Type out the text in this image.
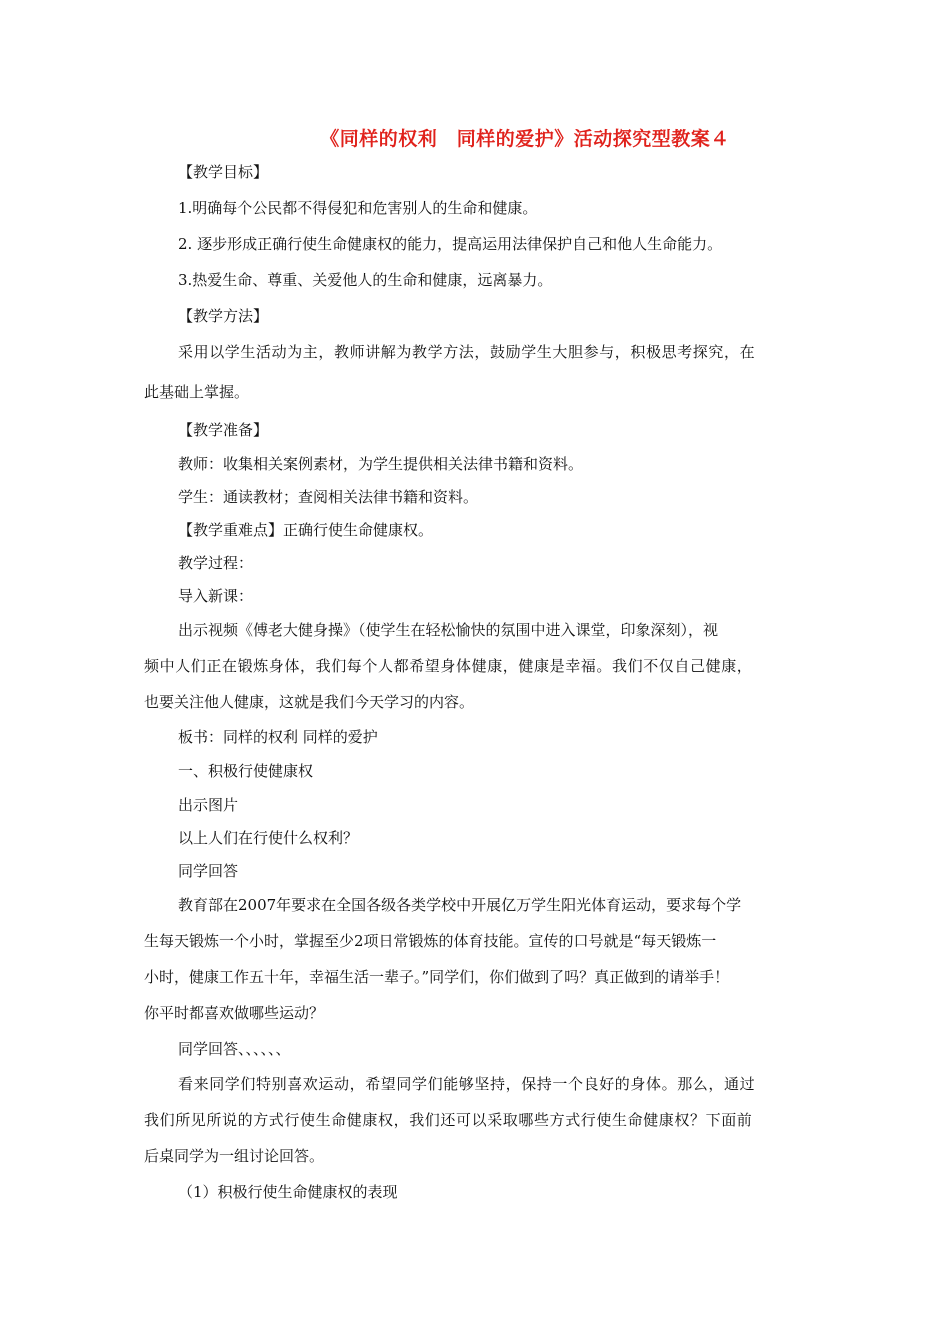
《同样的权利　同样的爱护》活动探究型教案４
【教学目标】
1.明确每个公民都不得侵犯和危害别人的生命和健康。
2. 逐步形成正确行使生命健康权的能力，提高运用法律保护自己和他人生命能力。
3.热爱生命、尊重、关爱他人的生命和健康，远离暴力。
【教学方法】
采用以学生活动为主，教师讲解为教学方法，鼓励学生大胆参与，积极思考探究，在
此基础上掌握。
【教学准备】
教师：收集相关案例素材，为学生提供相关法律书籍和资料。
学生：通读教材；查阅相关法律书籍和资料。
【教学重难点】正确行使生命健康权。
教学过程：
导入新课：
出示视频《傅老大健身操》（使学生在轻松愉快的氛围中进入课堂，印象深刻），视
频中人们正在锻炼身体，我们每个人都希望身体健康，健康是幸福。我们不仅自己健康，
也要关注他人健康，这就是我们今天学习的内容。
板书：同样的权利 同样的爱护
一、积极行使健康权
出示图片
以上人们在行使什么权利？
同学回答
教育部在2007年要求在全国各级各类学校中开展亿万学生阳光体育运动，要求每个学
生每天锻炼一个小时，掌握至少2项日常锻炼的体育技能。宣传的口号就是“每天锻炼一
小时，健康工作五十年，幸福生活一辈子。”同学们，你们做到了吗？真正做到的请举手！
你平时都喜欢做哪些运动？
同学回答、、、、、、
看来同学们特别喜欢运动，希望同学们能够坚持，保持一个良好的身体。那么，通过
我们所见所说的方式行使生命健康权，我们还可以采取哪些方式行使生命健康权？下面前
后桌同学为一组讨论回答。
（1）积极行使生命健康权的表现
